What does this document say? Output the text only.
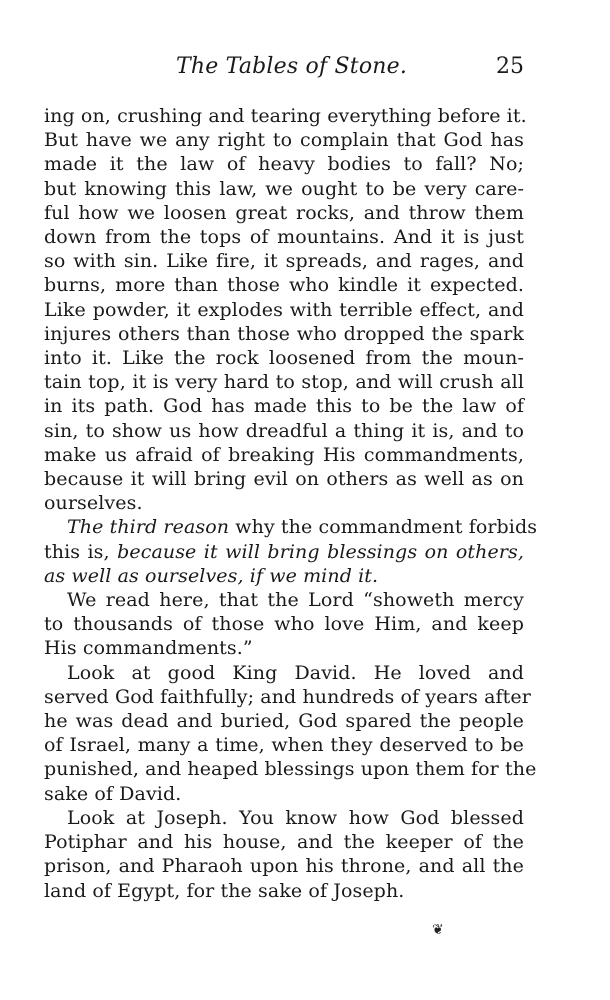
The Tables of Stone.	25
ing on, crushing and tearing everything before it.
But have we any right to complain that God has
made it the law of heavy bodies to fall? No;
but knowing this law, we ought to be very care-
ful how we loosen great rocks, and throw them
down from the tops of mountains. And it is just
so with sin. Like fire, it spreads, and rages, and
burns, more than those who kindle it expected.
Like powder, it explodes with terrible effect, and
injures others than those who dropped the spark
into it. Like the rock loosened from the moun-
tain top, it is very hard to stop, and will crush all
in its path. God has made this to be the law of
sin, to show us how dreadful a thing it is, and to
make us afraid of breaking His commandments,
because it will bring evil on others as well as on
ourselves.
The third reason why the commandment forbids
this is, because it will bring blessings on others,
as well as ourselves, if we mind it.
We read here, that the Lord “showeth mercy
to thousands of those who love Him, and keep
His commandments.”
Look at good King David. He loved and
served God faithfully; and hundreds of years after
he was dead and buried, God spared the people
of Israel, many a time, when they deserved to be
punished, and heaped blessings upon them for the
sake of David.
Look at Joseph. You know how God blessed
Potiphar and his house, and the keeper of the
prison, and Pharaoh upon his throne, and all the
land of Egypt, for the sake of Joseph.
❦
